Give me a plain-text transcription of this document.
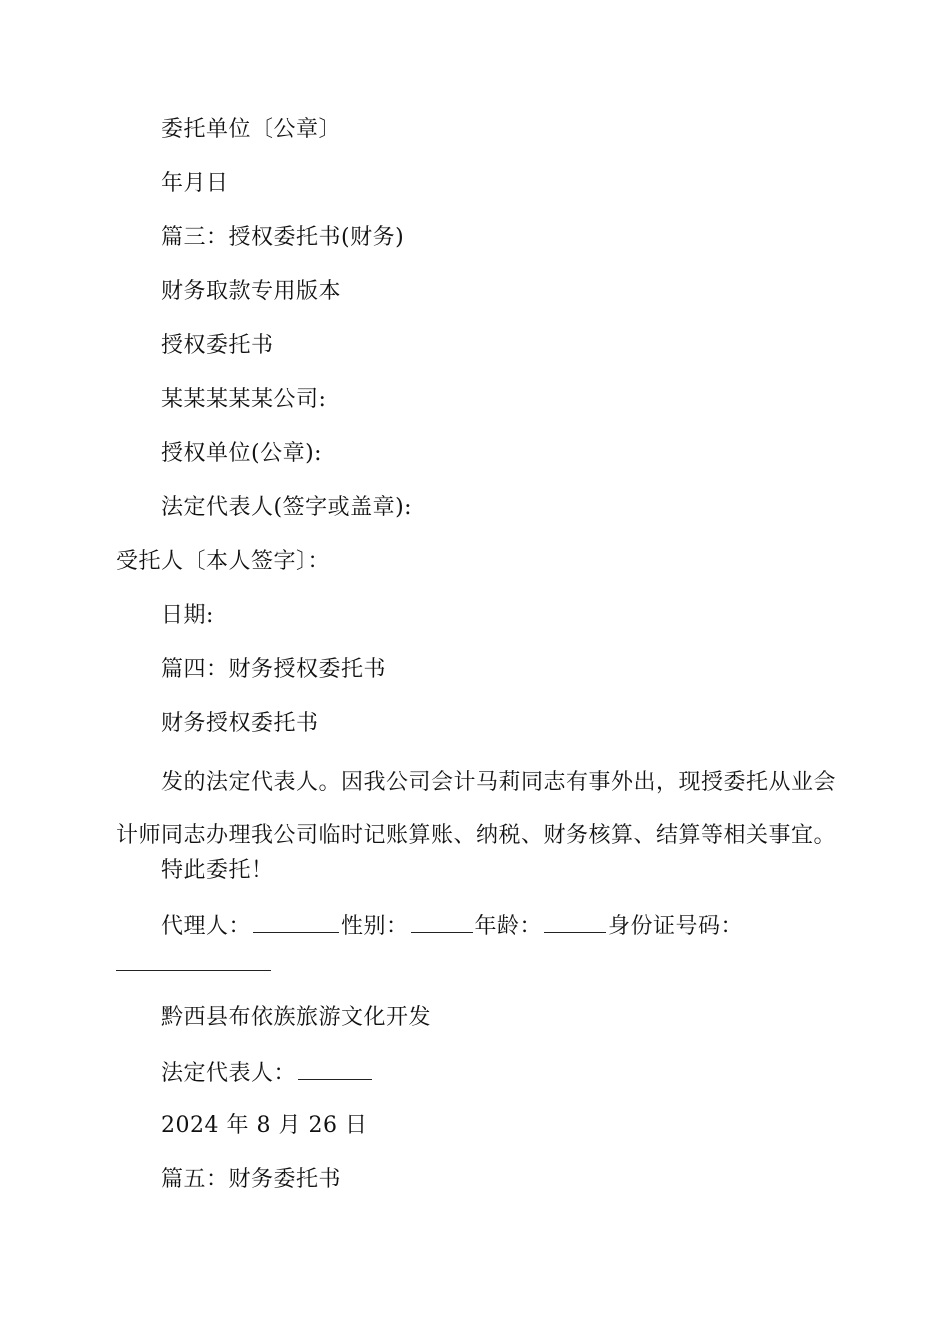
委托单位〔公章〕
年月日
篇三：授权委托书(财务)
财务取款专用版本
授权委托书
某某某某某公司:
授权单位(公章):
法定代表人(签字或盖章):
受托人〔本人签字〕：
日期:
篇四：财务授权委托书
财务授权委托书
发的法定代表人。因我公司会计马莉同志有事外出，现授委托从业会计师同志办理我公司临时记账算账、纳税、财务核算、结算等相关事宜。
特此委托！
代理人：	性别：	年龄：	身份证号码：
黔西县布依族旅游文化开发
法定代表人：
2024 年 8 月 26 日
篇五：财务委托书
